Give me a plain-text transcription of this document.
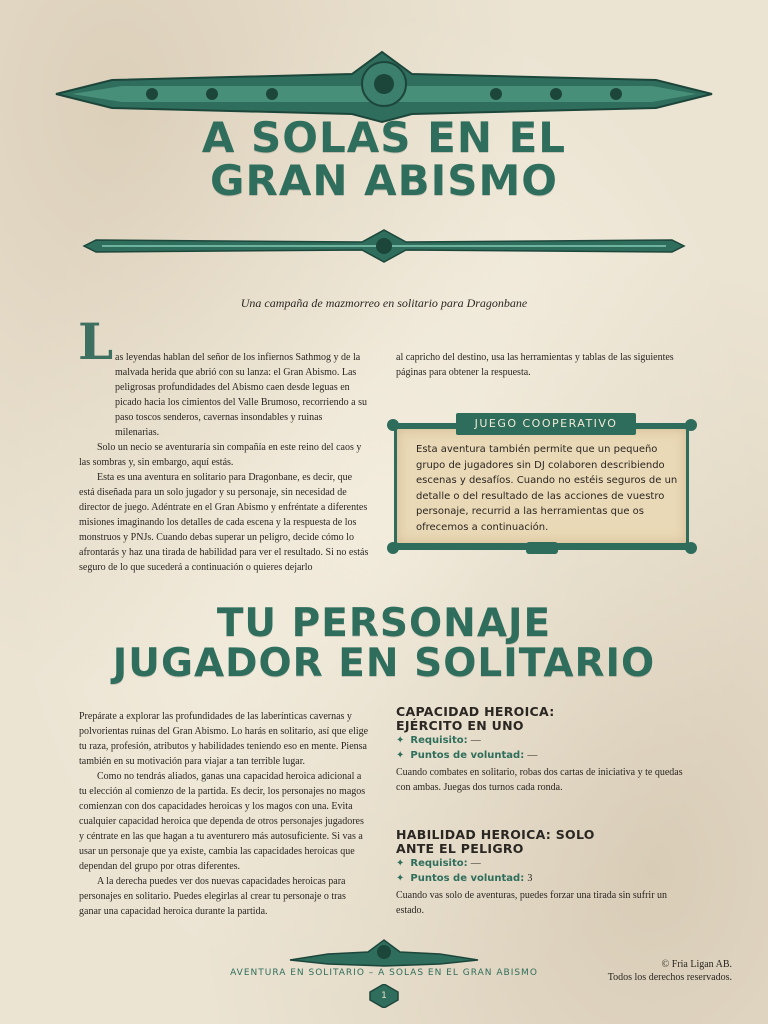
A SOLAS EN EL
GRAN ABISMO
Una campaña de mazmorreo en solitario para Dragonbane
L as leyendas hablan del señor de los infiernos Sathmog y de la malvada herida que abrió con su lanza: el Gran Abismo. Las peligrosas profundidades del Abismo caen desde leguas en picado hacia los cimientos del Valle Brumoso, recorriendo a su paso toscos senderos, cavernas insondables y ruinas milenarias.

Solo un necio se aventuraría sin compañía en este reino del caos y las sombras y, sin embargo, aquí estás.

Esta es una aventura en solitario para Dragonbane, es decir, que está diseñada para un solo jugador y su personaje, sin necesidad de director de juego. Adéntrate en el Gran Abismo y enfréntate a diferentes misiones imaginando los detalles de cada escena y la respuesta de los monstruos y PNJs. Cuando debas superar un peligro, decide cómo lo afrontarás y haz una tirada de habilidad para ver el resultado. Si no estás seguro de lo que sucederá a continuación o quieres dejarlo

al capricho del destino, usa las herramientas y tablas de las siguientes páginas para obtener la respuesta.
JUEGO COOPERATIVO
Esta aventura también permite que un pequeño grupo de jugadores sin DJ colaboren describiendo escenas y desafíos. Cuando no estéis seguros de un detalle o del resultado de las acciones de vuestro personaje, recurrid a las herramientas que os ofrecemos a continuación.
TU PERSONAJE
JUGADOR EN SOLITARIO

Prepárate a explorar las profundidades de las laberínticas cavernas y polvorientas ruinas del Gran Abismo. Lo harás en solitario, así que elige tu raza, profesión, atributos y habilidades teniendo eso en mente. Piensa también en su motivación para viajar a tan terrible lugar.

Como no tendrás aliados, ganas una capacidad heroica adicional a tu elección al comienzo de la partida. Es decir, los personajes no magos comienzan con dos capacidades heroicas y los magos con una. Evita cualquier capacidad heroica que dependa de otros personajes jugadores y céntrate en las que hagan a tu aventurero más autosuficiente. Si vas a usar un personaje que ya existe, cambia las capacidades heroicas que dependan del grupo por otras diferentes.

A la derecha puedes ver dos nuevas capacidades heroicas para personajes en solitario. Puedes elegirlas al crear tu personaje o tras ganar una capacidad heroica durante la partida.

CAPACIDAD HEROICA:
EJÉRCITO EN UNO
✦ Requisito: —
✦ Puntos de voluntad: —
Cuando combates en solitario, robas dos cartas de iniciativa y te quedas con ambas. Juegas dos turnos cada ronda.
HABILIDAD HEROICA: SOLO
ANTE EL PELIGRO
✦ Requisito: —
✦ Puntos de voluntad: 3
Cuando vas solo de aventuras, puedes forzar una tirada sin sufrir un estado.
AVENTURA EN SOLITARIO – A SOLAS EN EL GRAN ABISMO
1
© Fria Ligan AB.
Todos los derechos reservados.
